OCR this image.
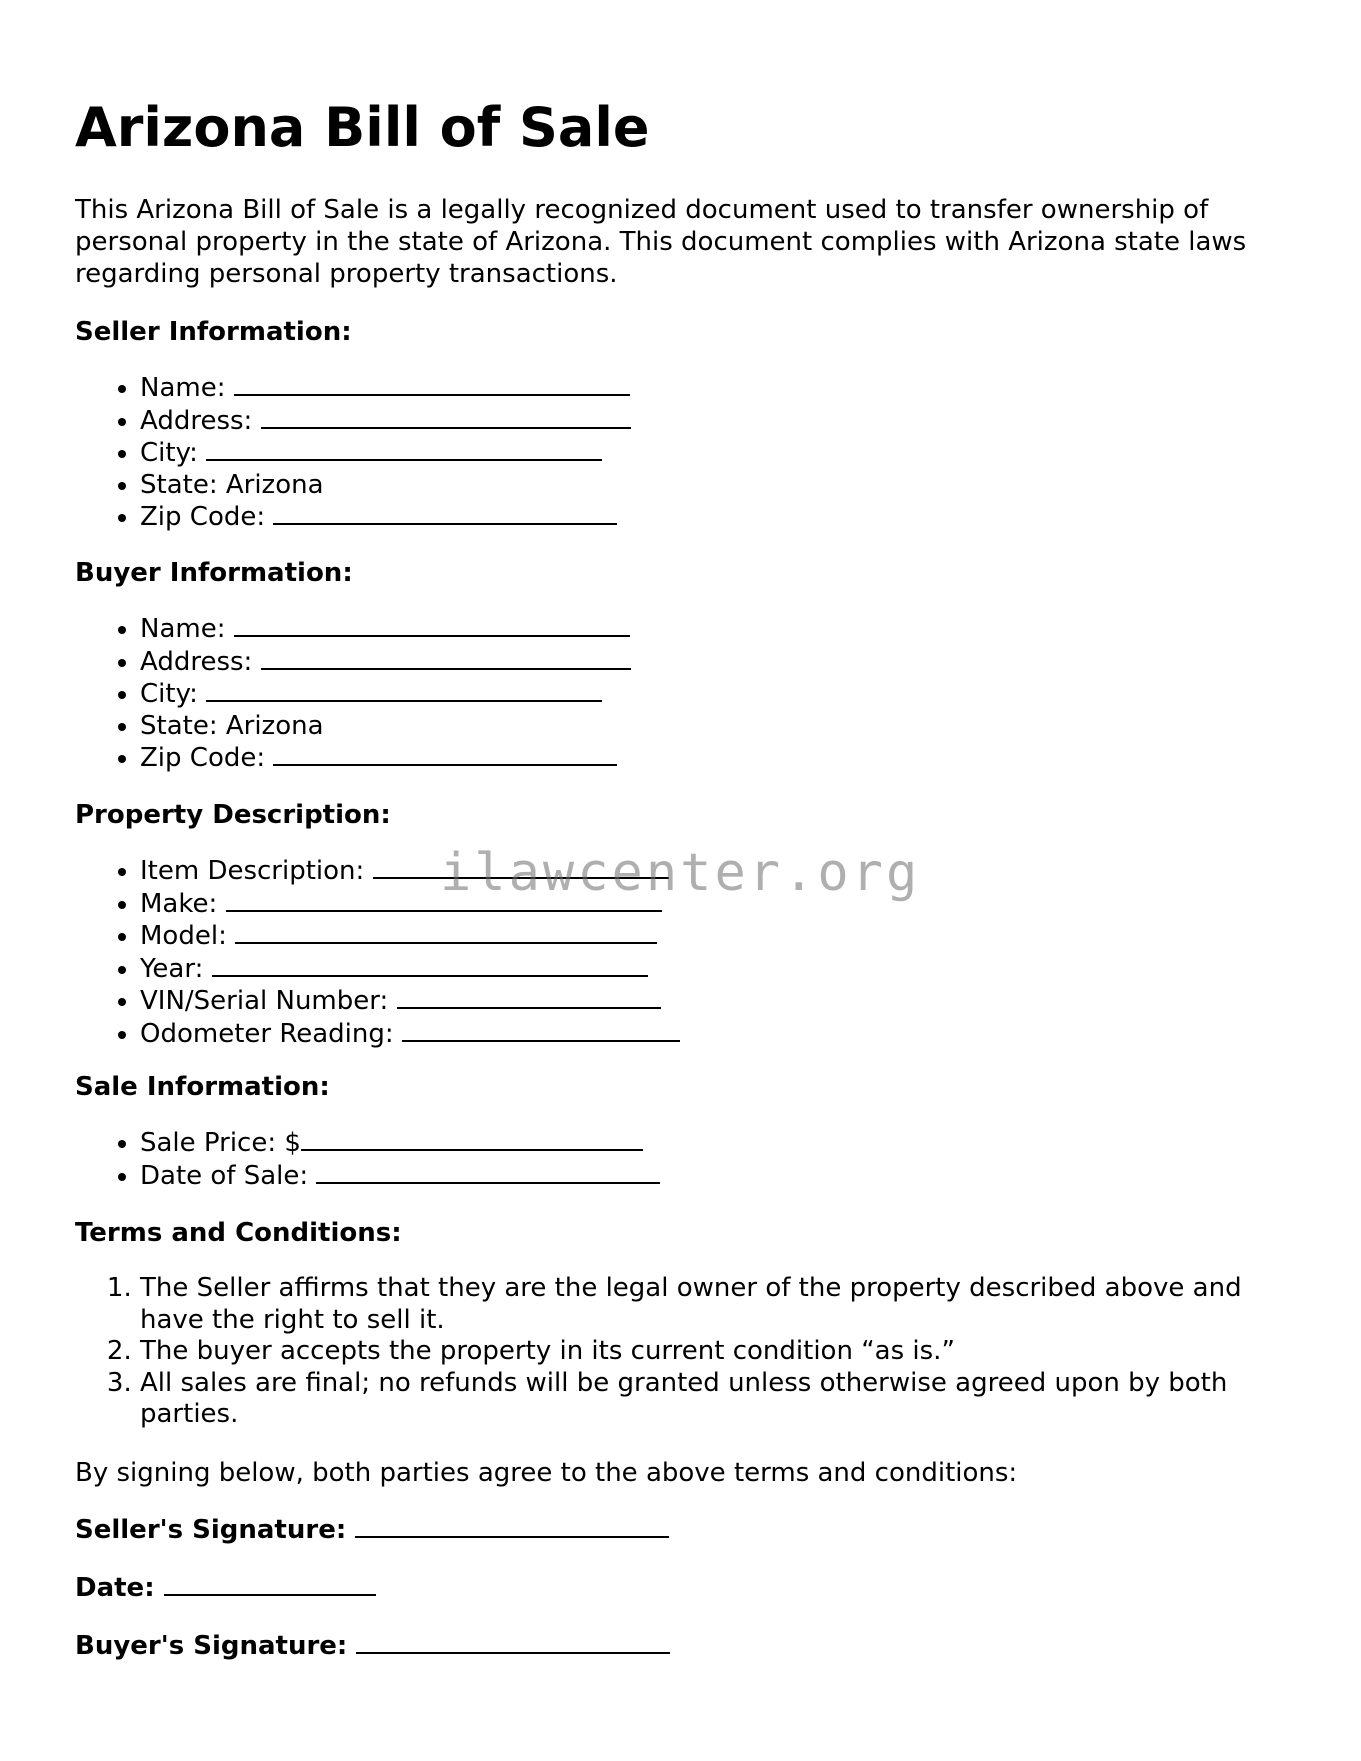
Arizona Bill of Sale

This Arizona Bill of Sale is a legally recognized document used to transfer ownership of personal property in the state of Arizona. This document complies with Arizona state laws regarding personal property transactions.

Seller Information:

• Name:
• Address:
• City:
• State: Arizona
• Zip Code:

Buyer Information:

• Name:
• Address:
• City:
• State: Arizona
• Zip Code:

Property Description:

• Item Description:
• Make:
• Model:
• Year:
• VIN/Serial Number:
• Odometer Reading:

Sale Information:

• Sale Price: $
• Date of Sale:

Terms and Conditions:

1. The Seller affirms that they are the legal owner of the property described above and have the right to sell it.
2. The buyer accepts the property in its current condition “as is.”
3. All sales are final; no refunds will be granted unless otherwise agreed upon by both parties.

By signing below, both parties agree to the above terms and conditions:

Seller's Signature:
Date:
Buyer's Signature:
ilawcenter.org
